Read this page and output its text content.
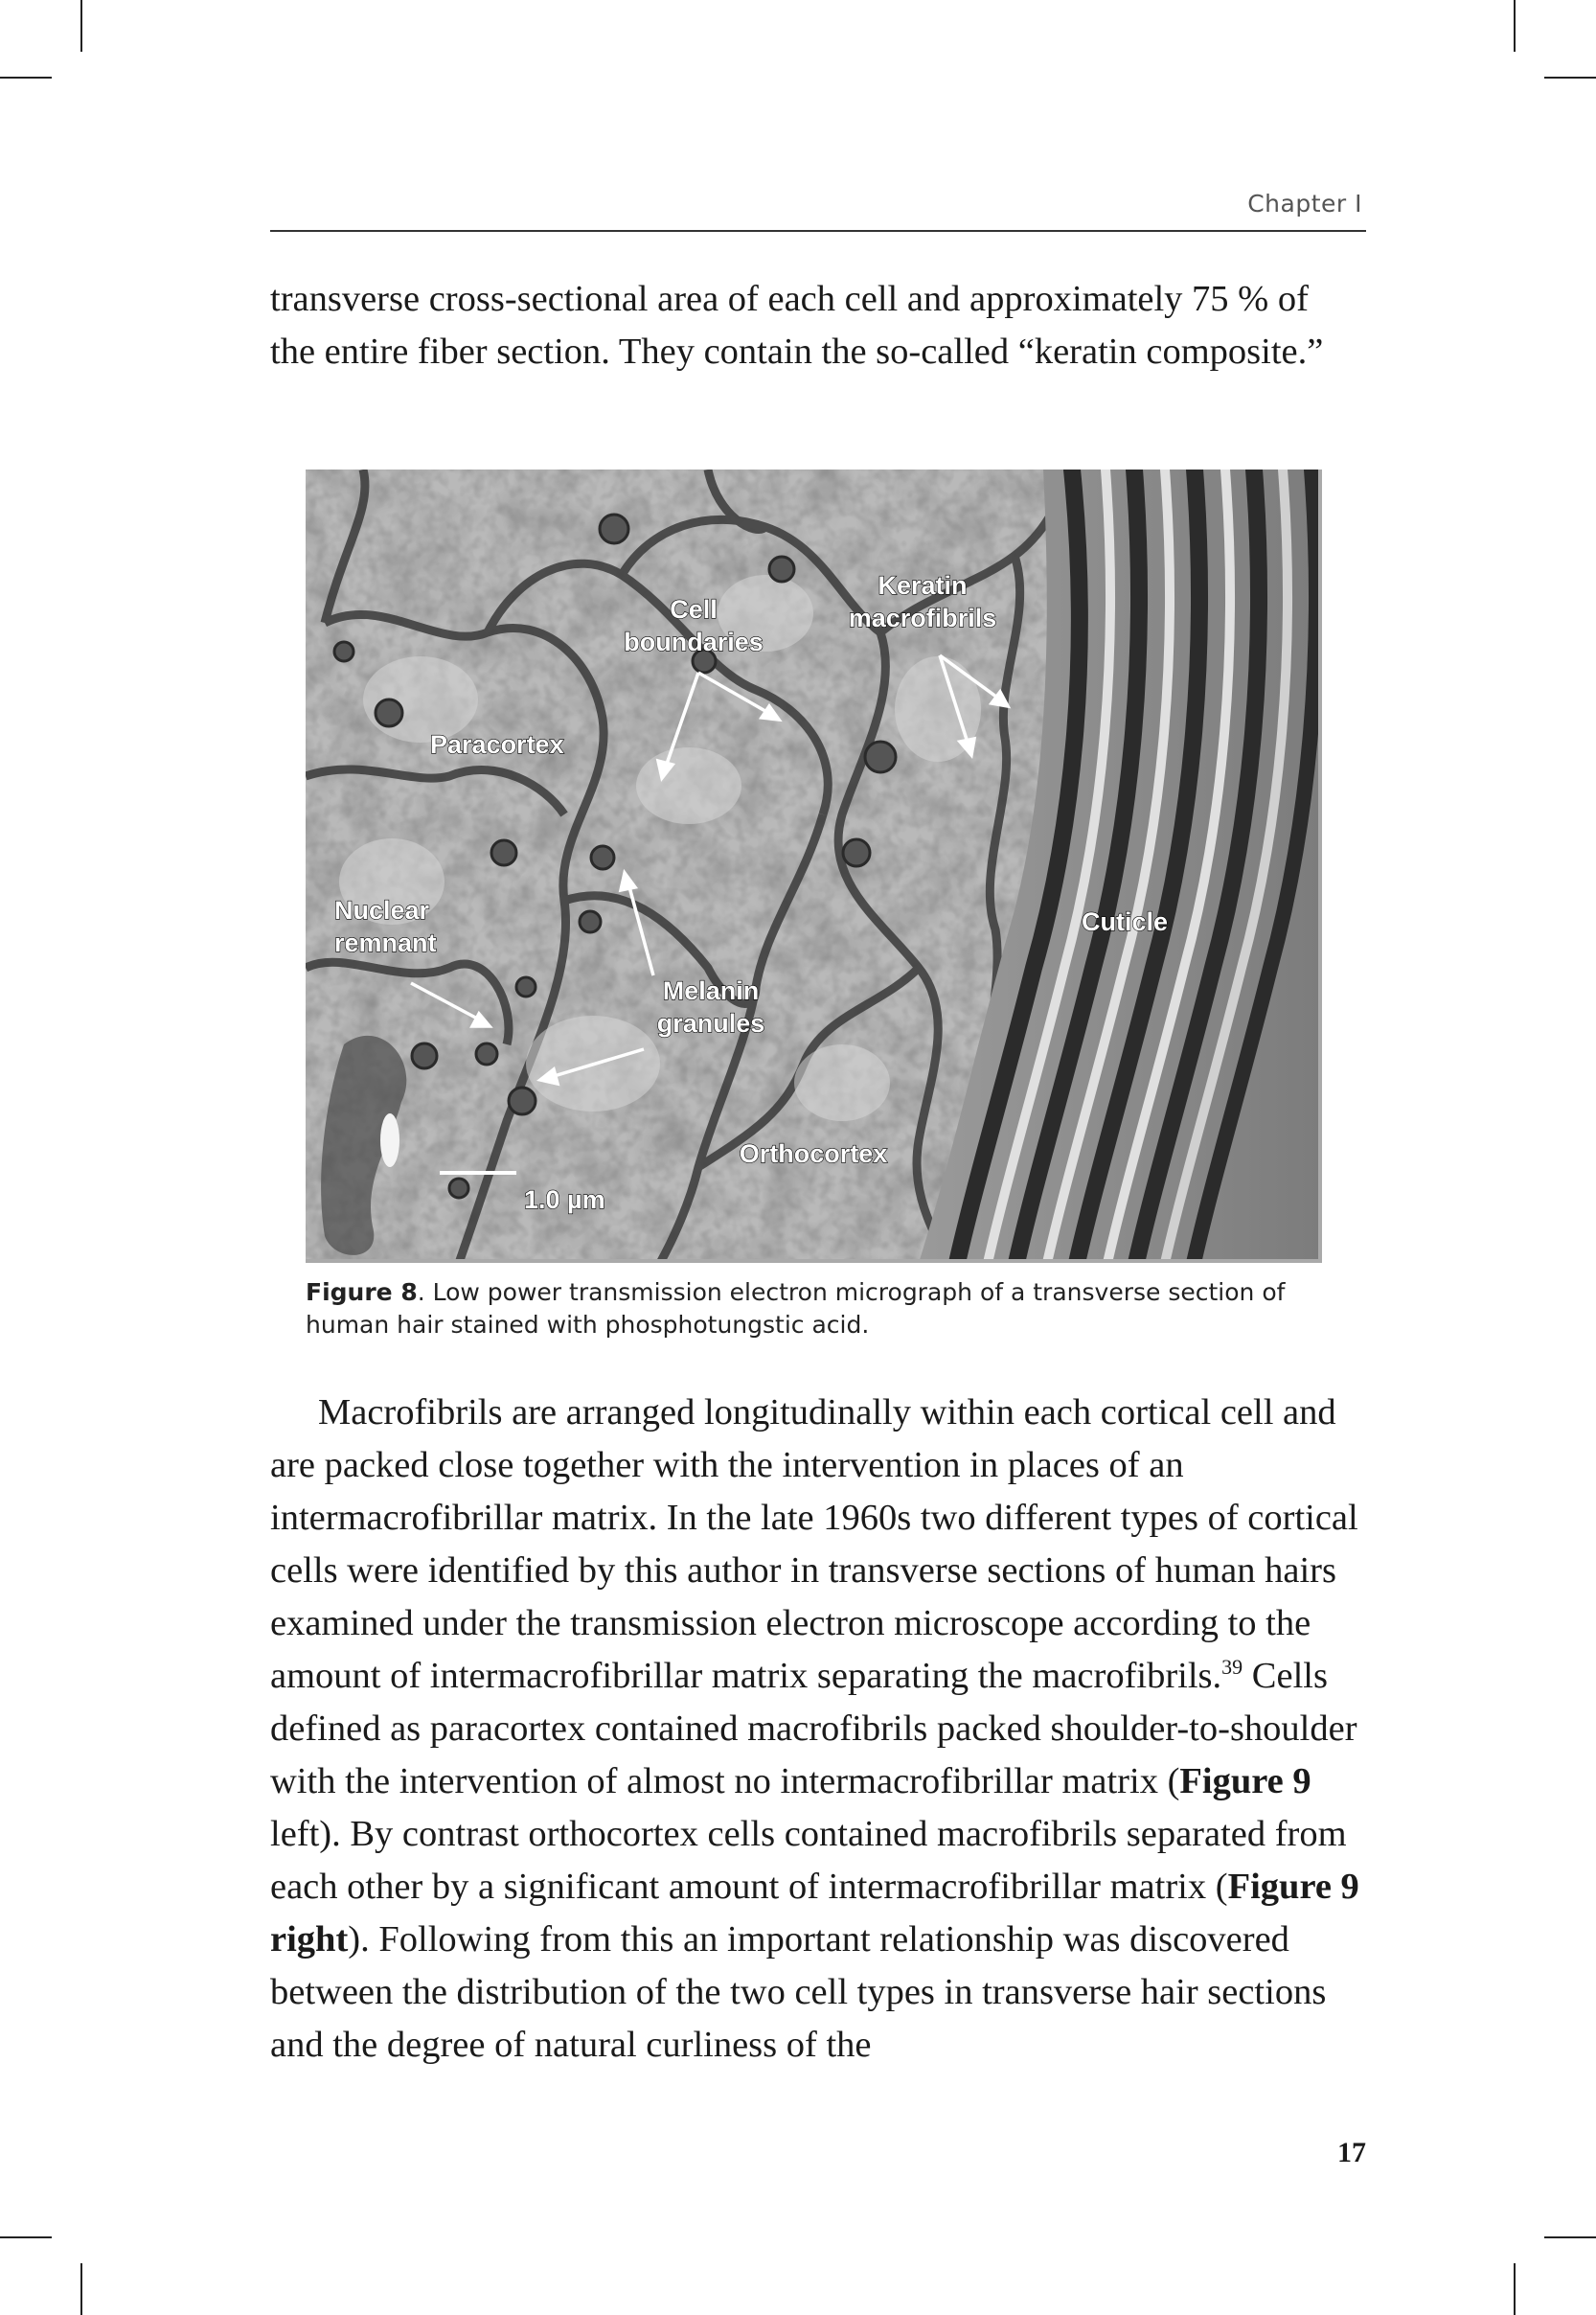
Chapter I

transverse cross-sectional area of each cell and approximately 75 % of the entire fiber section. They contain the so-called “keratin composite.”

Cell
boundaries
Keratin
macrofibrils
Paracortex
Nuclear
remnant
Cuticle
Melanin
granules
Orthocortex
1.0 µm
Figure 8. Low power transmission electron micrograph of a transverse section of human hair stained with phosphotungstic acid.

Macrofibrils are arranged longitudinally within each cortical cell and are packed close together with the intervention in places of an intermacrofibrillar matrix. In the late 1960s two different types of cortical cells were identified by this author in transverse sections of human hairs examined under the transmission electron microscope according to the amount of intermacrofibrillar matrix separating the macrofibrils.$^{39}$ Cells defined as paracortex contained macrofibrils packed shoulder-to-shoulder with the intervention of almost no intermacrofibrillar matrix (Figure 9 left). By contrast orthocortex cells contained macrofibrils separated from each other by a significant amount of intermacrofibrillar matrix (Figure 9 right). Following from this an important relationship was discovered between the distribution of the two cell types in transverse hair sections and the degree of natural curliness of the

17
